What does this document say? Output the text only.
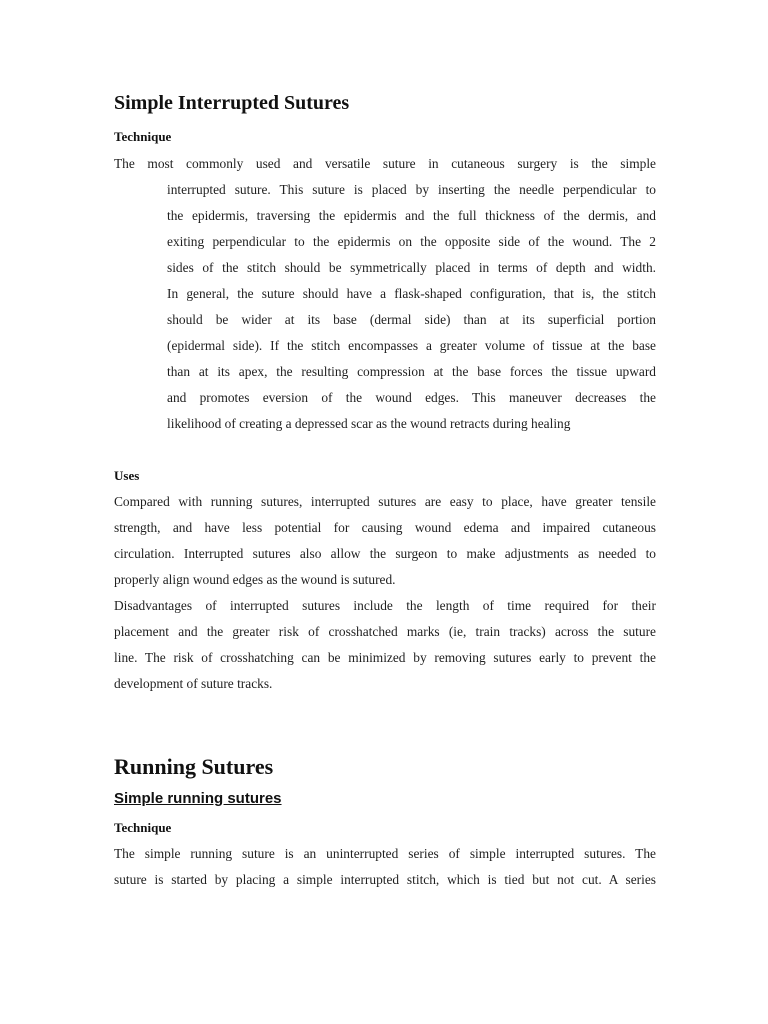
Simple Interrupted Sutures
Technique
The most commonly used and versatile suture in cutaneous surgery is the simple
interrupted suture. This suture is placed by inserting the needle perpendicular to
the epidermis, traversing the epidermis and the full thickness of the dermis, and
exiting perpendicular to the epidermis on the opposite side of the wound. The 2
sides of the stitch should be symmetrically placed in terms of depth and width.
In general, the suture should have a flask-shaped configuration, that is, the stitch
should be wider at its base (dermal side) than at its superficial portion
(epidermal side). If the stitch encompasses a greater volume of tissue at the base
than at its apex, the resulting compression at the base forces the tissue upward
and promotes eversion of the wound edges. This maneuver decreases the
likelihood of creating a depressed scar as the wound retracts during healing
Uses
Compared with running sutures, interrupted sutures are easy to place, have greater tensile
strength, and have less potential for causing wound edema and impaired cutaneous
circulation. Interrupted sutures also allow the surgeon to make adjustments as needed to
properly align wound edges as the wound is sutured.
Disadvantages of interrupted sutures include the length of time required for their
placement and the greater risk of crosshatched marks (ie, train tracks) across the suture
line. The risk of crosshatching can be minimized by removing sutures early to prevent the
development of suture tracks.
Running Sutures
Simple running sutures
Technique
The simple running suture is an uninterrupted series of simple interrupted sutures. The
suture is started by placing a simple interrupted stitch, which is tied but not cut. A series
